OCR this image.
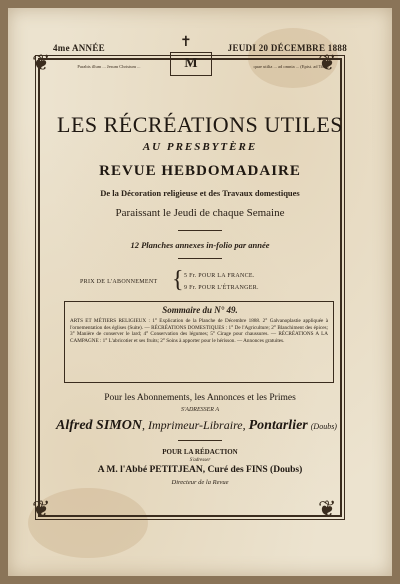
4me ANNÉE	✝	JEUDI 20 DÉCEMBRE 1888
❦	❦
❦	❦
M
Parabis illum ... Jesum Christum ...	quae utilia ... ad omnia ... (Epist. ad Tim.)
LES RÉCRÉATIONS UTILES
AU PRESBYTÈRE
REVUE HEBDOMADAIRE
De la Décoration religieuse et des Travaux domestiques
Paraissant le Jeudi de chaque Semaine
12 Planches annexes in-folio par année
PRIX DE L'ABONNEMENT { 5 Fr. POUR LA FRANCE.
9 Fr. POUR L'ÉTRANGER.
Sommaire du N° 49.
ARTS ET MÉTIERS RELIGIEUX : 1° Explication de la Planche de Décembre 1888. 2° Galvanoplastie appliquée à l'ornementation des églises (Suite). — RÉCRÉATIONS DOMESTIQUES : 1° De l'Agriculture; 2° Blanchiment des épices; 3° Manière de conserver le lard; 4° Conservation des légumes; 5° Cirage pour chaussures. — RÉCRÉATIONS A LA CAMPAGNE : 1° L'abricotier et ses fruits; 2° Soins à apporter pour le hérisson. — Annonces gratuites.
Pour les Abonnements, les Annonces et les Primes
S'ADRESSER A
Alfred SIMON, Imprimeur-Libraire, Pontarlier (Doubs)
POUR LA RÉDACTION
S'adresser
A M. l'Abbé PETITJEAN, Curé des FINS (Doubs)
Directeur de la Revue
